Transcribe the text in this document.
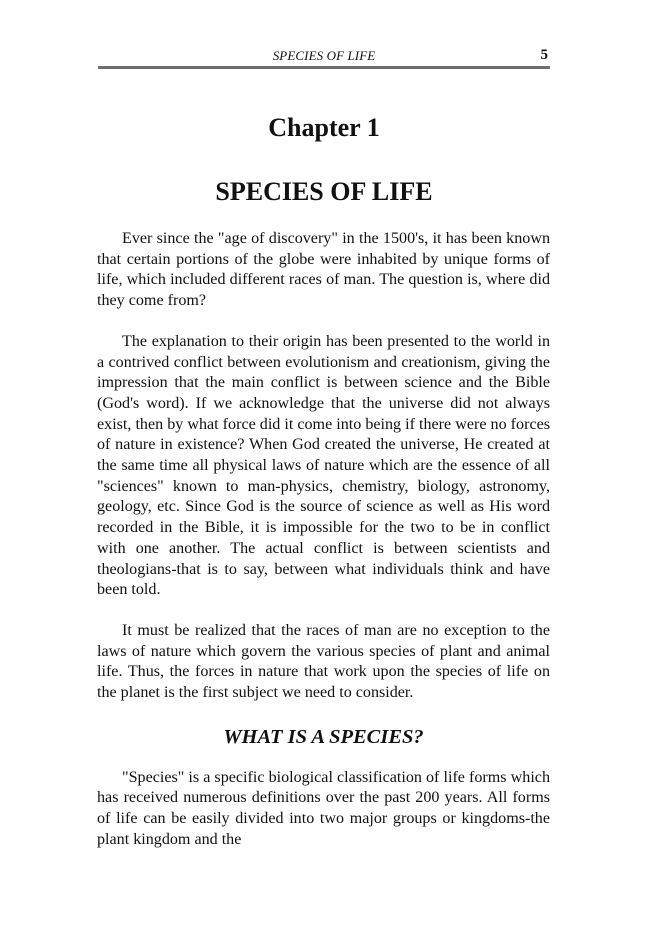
SPECIES OF LIFE	5
Chapter 1
SPECIES OF LIFE

Ever since the "age of discovery" in the 1500's, it has been known that certain portions of the globe were inhabited by unique forms of life, which included different races of man. The question is, where did they come from?

The explanation to their origin has been presented to the world in a contrived conflict between evolutionism and creationism, giving the impression that the main conflict is between science and the Bible (God's word). If we acknowledge that the universe did not always exist, then by what force did it come into being if there were no forces of nature in existence? When God created the universe, He created at the same time all physical laws of nature which are the essence of all "sciences" known to man-physics, chemistry, biology, astronomy, geology, etc. Since God is the source of science as well as His word recorded in the Bible, it is impossible for the two to be in conflict with one another. The actual conflict is between scientists and theologians-that is to say, between what individuals think and have been told.

It must be realized that the races of man are no exception to the laws of nature which govern the various species of plant and animal life. Thus, the forces in nature that work upon the species of life on the planet is the first subject we need to consider.

WHAT IS A SPECIES?

"Species" is a specific biological classification of life forms which has received numerous definitions over the past 200 years. All forms of life can be easily divided into two major groups or kingdoms-the plant kingdom and the
